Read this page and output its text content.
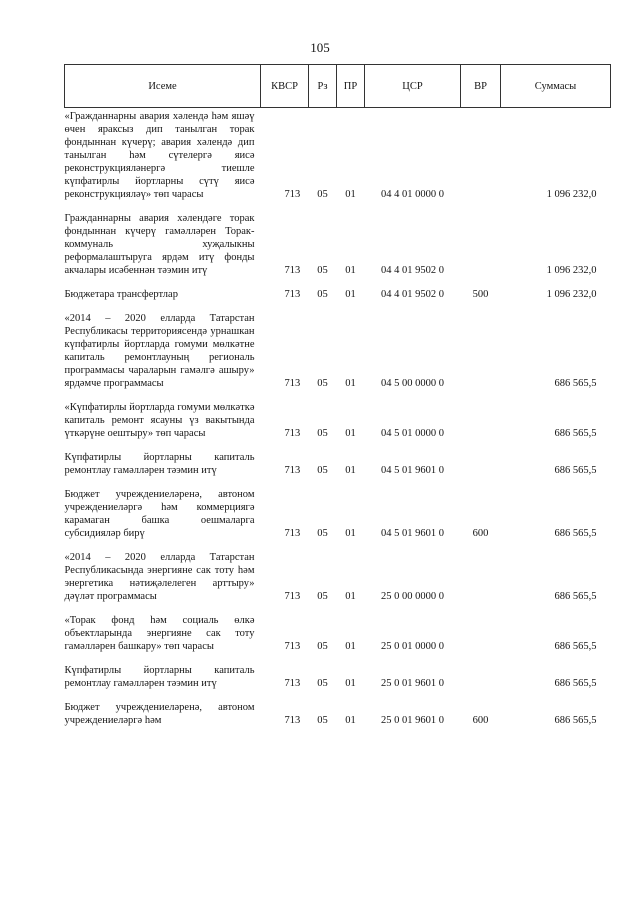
105
Исеме	КВСР	Рз	ПР	ЦСР	ВР	Суммасы
«Гражданнарны авария хәлендә һәм яшәү өчен яраксыз дип танылган торак фондыннан күчерү; авария хәлендә дип танылган һәм сүтелергә яисә реконструкцияләнергә тиешле күпфатирлы йортларны сүтү яисә реконструкцияләү» төп чарасы	713	05	01	04 4 01 0000 0		1 096 232,0

Гражданнарны авария хәлендәге торак фондыннан күчерү гамәлләрен Торак-коммуналь хуҗалыкны реформалаштыруга ярдәм итү фонды акчалары исәбеннән тәэмин итү	713	05	01	04 4 01 9502 0		1 096 232,0

Бюджетара трансфертлар	713	05	01	04 4 01 9502 0	500	1 096 232,0

«2014 – 2020 елларда Татарстан Республикасы территориясендә урнашкан күпфатирлы йортларда гомуми мөлкәтне капиталь ремонтлауның региональ программасы чараларын гамәлгә ашыру» ярдәмче программасы	713	05	01	04 5 00 0000 0		686 565,5

«Күпфатирлы йортларда гомуми мөлкәткә капиталь ремонт ясауны үз вакытында үткәрүне оештыру» төп чарасы	713	05	01	04 5 01 0000 0		686 565,5

Күпфатирлы йортларны капиталь ремонтлау гамәлләрен тәэмин итү	713	05	01	04 5 01 9601 0		686 565,5

Бюджет учреждениеләренә, автоном учреждениеләргә һәм коммерциягә карамаган башка оешмаларга субсидияләр бирү	713	05	01	04 5 01 9601 0	600	686 565,5

«2014 – 2020 елларда Татарстан Республикасында энергияне сак тоту һәм энергетика нәтиҗәлелеген арттыру» дәүләт программасы	713	05	01	25 0 00 0000 0		686 565,5

«Торак фонд һәм социаль өлкә объектларында энергияне сак тоту гамәлләрен башкару» төп чарасы	713	05	01	25 0 01 0000 0		686 565,5

Күпфатирлы йортларны капиталь ремонтлау гамәлләрен тәэмин итү	713	05	01	25 0 01 9601 0		686 565,5

Бюджет учреждениеләренә, автоном учреждениеләргә һәм	713	05	01	25 0 01 9601 0	600	686 565,5
